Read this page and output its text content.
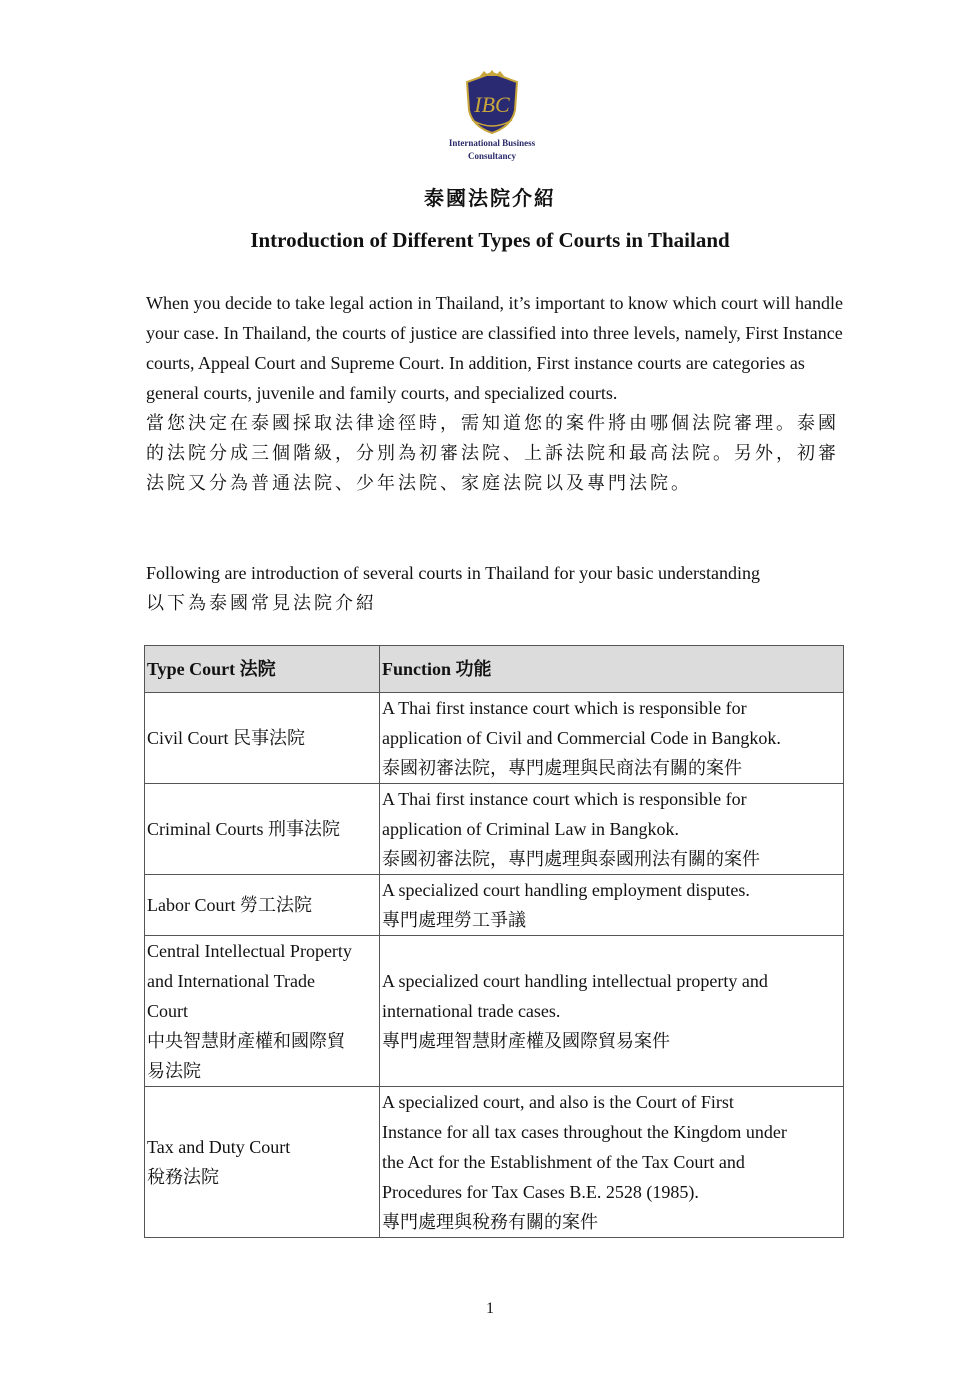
IBC
International Business
Consultancy
泰國法院介紹
Introduction of Different Types of Courts in Thailand

When you decide to take legal action in Thailand, it’s important to know which court will handle your case. In Thailand, the courts of justice are classified into three levels, namely, First Instance courts, Appeal Court and Supreme Court. In addition, First instance courts are categories as general courts, juvenile and family courts, and specialized courts.

當您決定在泰國採取法律途徑時，需知道您的案件將由哪個法院審理。泰國的法院分成三個階級，分別為初審法院、上訴法院和最高法院。另外，初審法院又分為普通法院、少年法院、家庭法院以及專門法院。

Following are introduction of several courts in Thailand for your basic understanding

以下為泰國常見法院介紹

Type Court 法院	Function 功能

Civil Court 民事法院	A Thai first instance court which is responsible for
application of Civil and Commercial Code in Bangkok.
泰國初審法院，專門處理與民商法有關的案件

Criminal Courts 刑事法院	A Thai first instance court which is responsible for
application of Criminal Law in Bangkok.
泰國初審法院，專門處理與泰國刑法有關的案件

Labor Court 勞工法院	A specialized court handling employment disputes.
專門處理勞工爭議

Central Intellectual Property
and International Trade
Court
中央智慧財產權和國際貿
易法院	A specialized court handling intellectual property and
international trade cases.
專門處理智慧財產權及國際貿易案件

Tax and Duty Court
稅務法院	A specialized court, and also is the Court of First
Instance for all tax cases throughout the Kingdom under
the Act for the Establishment of the Tax Court and
Procedures for Tax Cases B.E. 2528 (1985).
專門處理與稅務有關的案件
1
